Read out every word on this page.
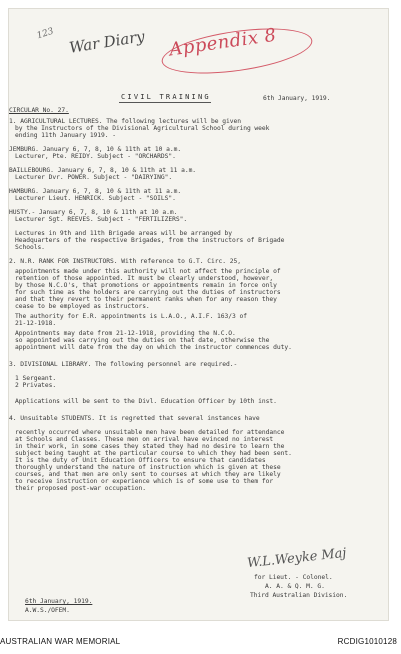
123 War Diary Appendix 8
CIVIL TRAINING	6th January, 1919.
CIRCULAR No. 27.
1. AGRICULTURAL LECTURES. The following lectures will be given
by the Instructors of the Divisional Agricultural School during week
ending 11th January 1919. -
JEMBURG. January 6, 7, 8, 10 & 11th at 10 a.m.
Lecturer, Pte. REIDY. Subject - "ORCHARDS".
BAILLEBOURG. January 6, 7, 8, 10 & 11th at 11 a.m.
Lecturer Dvr. POWER. Subject - "DAIRYING".
HAMBURG. January 6, 7, 8, 10 & 11th at 11 a.m.
Lecturer Lieut. HENRICK. Subject - "SOILS".
HUSTY.- January 6, 7, 8, 10 & 11th at 10 a.m.
Lecturer Sgt. REEVES. Subject - "FERTILIZERS".
Lectures in 9th and 11th Brigade areas will be arranged by
Headquarters of the respective Brigades, from the instructors of Brigade
Schools.
2. N.R. RANK FOR INSTRUCTORS. With reference to G.T. Circ. 25,
appointments made under this authority will not affect the principle of
retention of those appointed. It must be clearly understood, however,
by those N.C.O's, that promotions or appointments remain in force only
for such time as the holders are carrying out the duties of instructors
and that they revert to their permanent ranks when for any reason they
cease to be employed as instructors.
The authority for E.R. appointments is L.A.O., A.I.F. 163/3 of
21-12-1918.
Appointments may date from 21-12-1918, providing the N.C.O.
so appointed was carrying out the duties on that date, otherwise the
appointment will date from the day on which the instructor commences duty.
3. DIVISIONAL LIBRARY. The following personnel are required.-
1 Sergeant.
2 Privates.
Applications will be sent to the Divl. Education Officer by 10th inst.
4. Unsuitable STUDENTS. It is regretted that several instances have
recently occurred where unsuitable men have been detailed for attendance
at Schools and Classes. These men on arrival have evinced no interest
in their work, in some cases they stated they had no desire to learn the
subject being taught at the particular course to which they had been sent.
It is the duty of Unit Education Officers to ensure that candidates
thoroughly understand the nature of instruction which is given at these
courses, and that men are only sent to courses at which they are likely
to receive instruction or experience which is of some use to them for
their proposed post-war occupation.
W.L.Weyke Maj
for Lieut. - Colonel.
A. A. & Q. M. G.
Third Australian Division.
6th January, 1919.
A.W.S./OFEM.
AUSTRALIAN WAR MEMORIAL	RCDIG1010128
